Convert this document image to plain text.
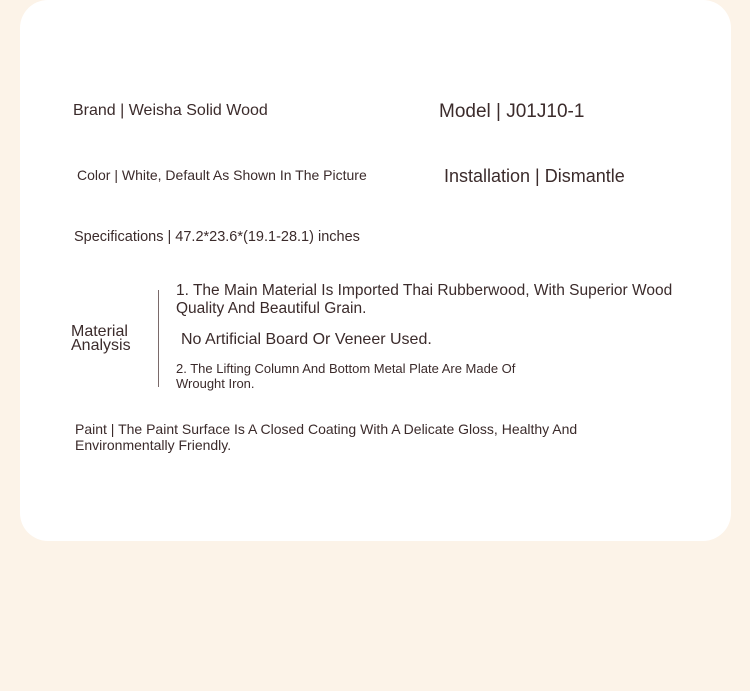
Brand | Weisha Solid Wood	Model | J01J10-1
Color | White, Default As Shown In The Picture	Installation | Dismantle
Specifications | 47.2*23.6*(19.1-28.1) inches
Material
Analysis
1. The Main Material Is Imported Thai Rubberwood, With Superior Wood Quality And Beautiful Grain.
No Artificial Board Or Veneer Used.
2. The Lifting Column And Bottom Metal Plate Are Made Of Wrought Iron.
Paint | The Paint Surface Is A Closed Coating With A Delicate Gloss, Healthy And Environmentally Friendly.
